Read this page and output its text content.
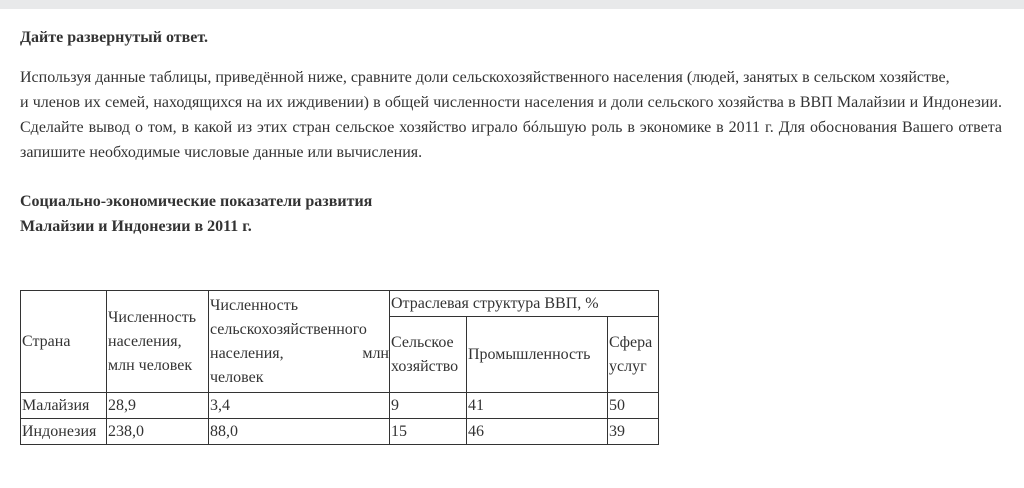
Дайте развернутый ответ.

Используя данные таблицы, приведённой ниже, сравните доли сельскохозяйственного населения (людей, занятых в сельском хозяйстве,

и членов их семей, находящихся на их иждивении) в общей численности населения и доли сельского хозяйства в ВВП Малайзии и Индонезии. Сделайте вывод о том, в какой из этих стран сельское хозяйство играло бóльшую роль в экономике в 2011 г. Для обоснования Вашего ответа запишите необходимые числовые данные или вычисления.

Социально-экономические показатели развития
Малайзии и Индонезии в 2011 г.

Страна	Численность населения, млн человек	Численность сельскохозяйственного
населения, млн
человек	Отраслевая структура ВВП, %		
			Сельское хозяйство	Промышленность	Сфера услуг
Малайзия	28,9	3,4	9	41	50
Индонезия	238,0	88,0	15	46	39
